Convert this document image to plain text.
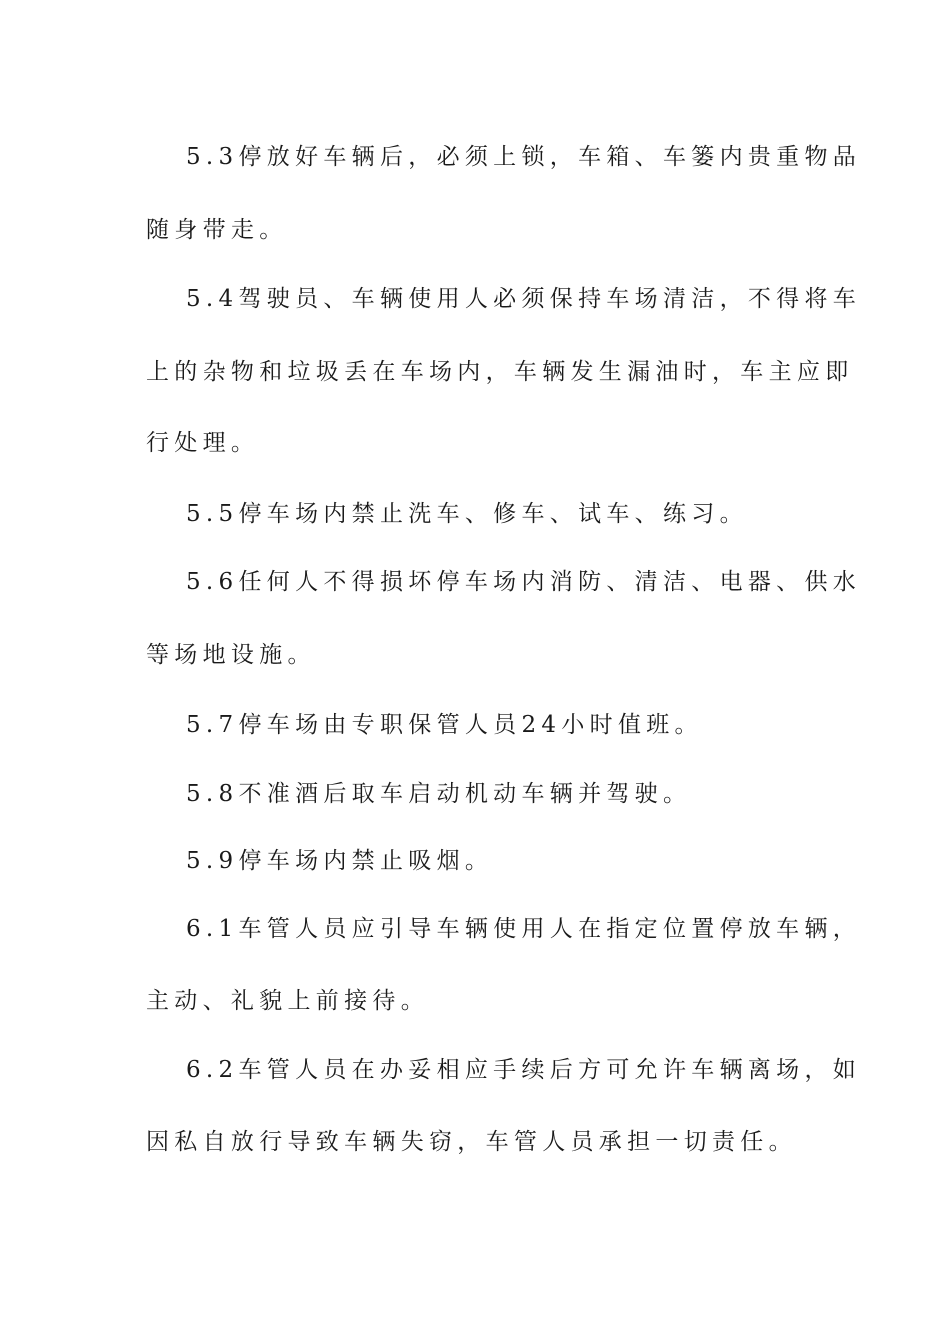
5.3停放好车辆后，必须上锁，车箱、车篓内贵重物品
随身带走。
5.4驾驶员、车辆使用人必须保持车场清洁，不得将车
上的杂物和垃圾丢在车场内，车辆发生漏油时，车主应即
行处理。
5.5停车场内禁止洗车、修车、试车、练习。
5.6任何人不得损坏停车场内消防、清洁、电器、供水
等场地设施。
5.7停车场由专职保管人员24小时值班。
5.8不准酒后取车启动机动车辆并驾驶。
5.9停车场内禁止吸烟。
6.1车管人员应引导车辆使用人在指定位置停放车辆，
主动、礼貌上前接待。
6.2车管人员在办妥相应手续后方可允许车辆离场，如
因私自放行导致车辆失窃，车管人员承担一切责任。
